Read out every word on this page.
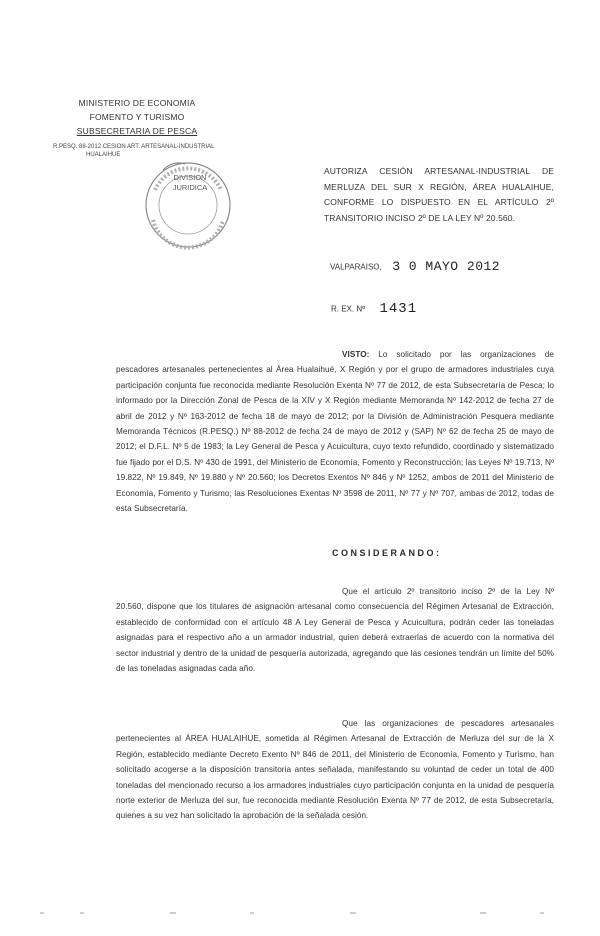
MINISTERIO DE ECONOMIA
FOMENTO Y TURISMO
SUBSECRETARIA DE PESCA
R.PESQ. 88-2012 CESION ART. ARTESANAL-INDUSTRIAL
HUALAIHUE
DIVISION
JURIDICA
AUTORIZA CESIÓN ARTESANAL-INDUSTRIAL DE MERLUZA DEL SUR X REGIÓN, ÁREA HUALAIHUE, CONFORME LO DISPUESTO EN EL ARTÍCULO 2º TRANSITORIO INCISO 2º DE LA LEY Nº 20.560.
VALPARAISO, 3 0 MAYO 2012
R. EX. Nº 1431
VISTO: Lo solicitado por las organizaciones de pescadores artesanales pertenecientes al Área Hualaihué, X Región y por el grupo de armadores industriales cuya participación conjunta fue reconocida mediante Resolución Exenta Nº 77 de 2012, de esta Subsecretaría de Pesca; lo informado por la Dirección Zonal de Pesca de la XIV y X Región mediante Memoranda Nº 142-2012 de fecha 27 de abril de 2012 y Nº 163-2012 de fecha 18 de mayo de 2012; por la División de Administración Pesquera mediante Memoranda Técnicos (R.PESQ.) Nº 88-2012 de fecha 24 de mayo de 2012 y (SAP) Nº 62 de fecha 25 de mayo de 2012; el D.F.L. Nº 5 de 1983; la Ley General de Pesca y Acuicultura, cuyo texto refundido, coordinado y sistematizado fue fijado por el D.S. Nº 430 de 1991, del Ministerio de Economía, Fomento y Reconstrucción; las Leyes Nº 19.713, Nº 19.822, Nº 19.849, Nº 19.880 y Nº 20.560; los Decretos Exentos Nº 846 y Nº 1252, ambos de 2011 del Ministerio de Economía, Fomento y Turismo; las Resoluciones Exentas Nº 3598 de 2011, Nº 77 y Nº 707, ambas de 2012, todas de esta Subsecretaría.
CONSIDERANDO:
Que el artículo 2º transitorio inciso 2º de la Ley Nº 20.560, dispone que los titulares de asignación artesanal como consecuencia del Régimen Artesanal de Extracción, establecido de conformidad con el artículo 48 A Ley General de Pesca y Acuicultura, podrán ceder las toneladas asignadas para el respectivo año a un armador industrial, quien deberá extraerlas de acuerdo con la normativa del sector industrial y dentro de la unidad de pesquería autorizada, agregando que las cesiones tendrán un límite del 50% de las toneladas asignadas cada año.
Que las organizaciones de pescadores artesanales pertenecientes al ÁREA HUALAIHUE, sometida al Régimen Artesanal de Extracción de Merluza del sur de la X Región, establecido mediante Decreto Exento Nº 846 de 2011, del Ministerio de Economía, Fomento y Turismo, han solicitado acogerse a la disposición transitoria antes señalada, manifestando su voluntad de ceder un total de 400 toneladas del mencionado recurso a los armadores industriales cuyo participación conjunta en la unidad de pesquería norte exterior de Merluza del sur, fue reconocida mediante Resolución Exenta Nº 77 de 2012, de esta Subsecretaría, quienes a su vez han solicitado la aprobación de la señalada cesión.
